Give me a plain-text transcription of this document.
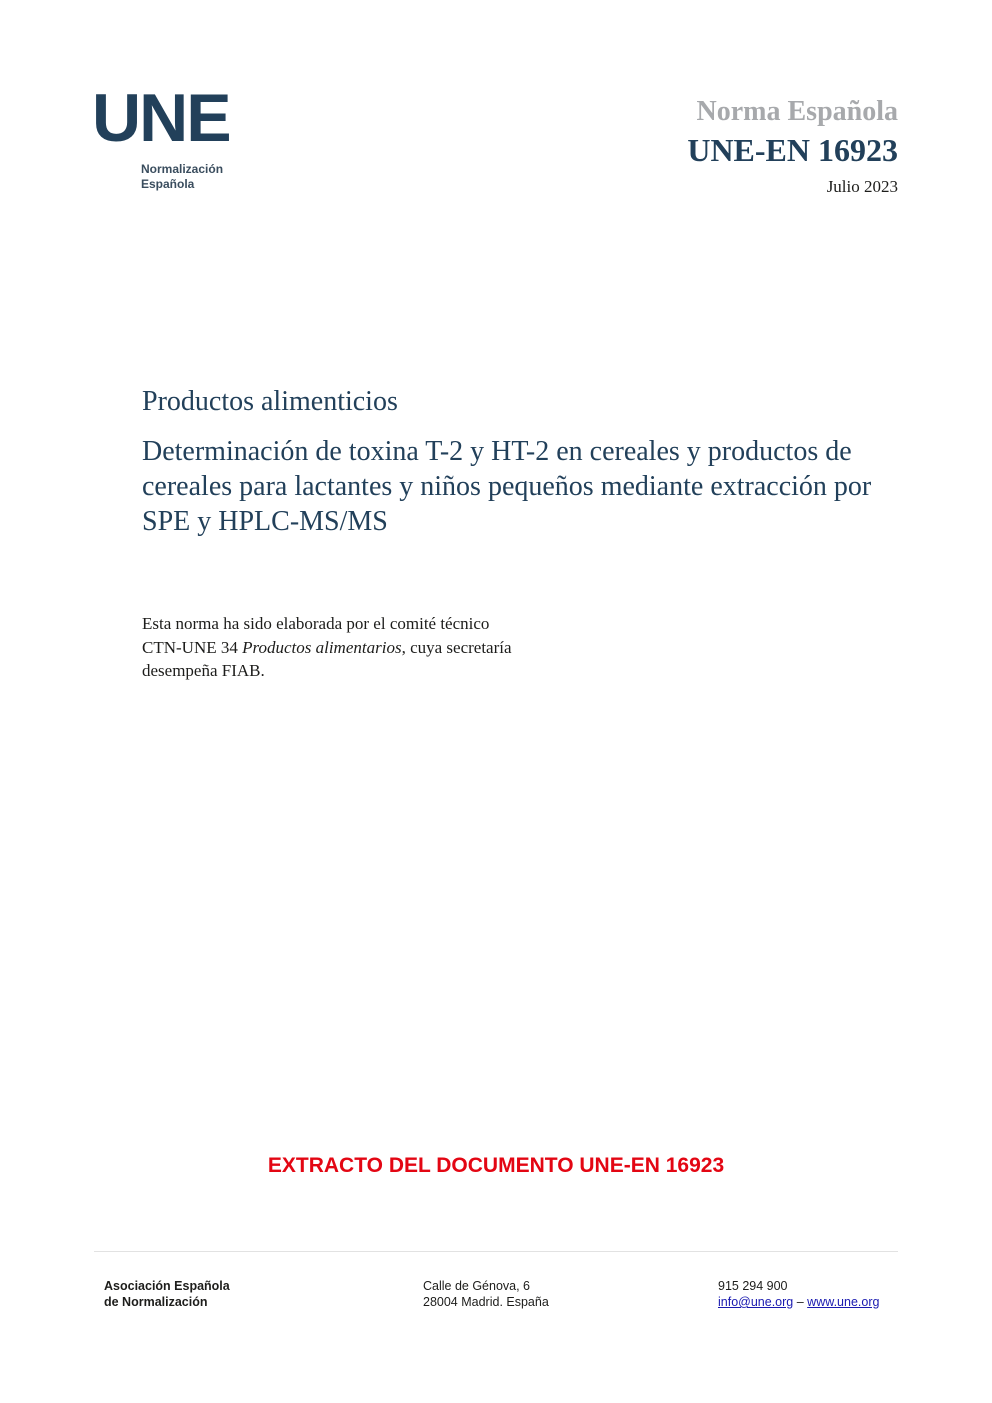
UNE
Normalización
Española
Norma Española
UNE-EN 16923
Julio 2023
Productos alimenticios
Determinación de toxina T-2 y HT-2 en cereales y productos de cereales para lactantes y niños pequeños mediante extracción por SPE y HPLC-MS/MS
Esta norma ha sido elaborada por el comité técnico
CTN-UNE 34 Productos alimentarios, cuya secretaría
desempeña FIAB.
EXTRACTO DEL DOCUMENTO UNE-EN 16923
Asociación Española
de Normalización
Calle de Génova, 6
28004 Madrid. España
915 294 900
info@une.org – www.une.org
